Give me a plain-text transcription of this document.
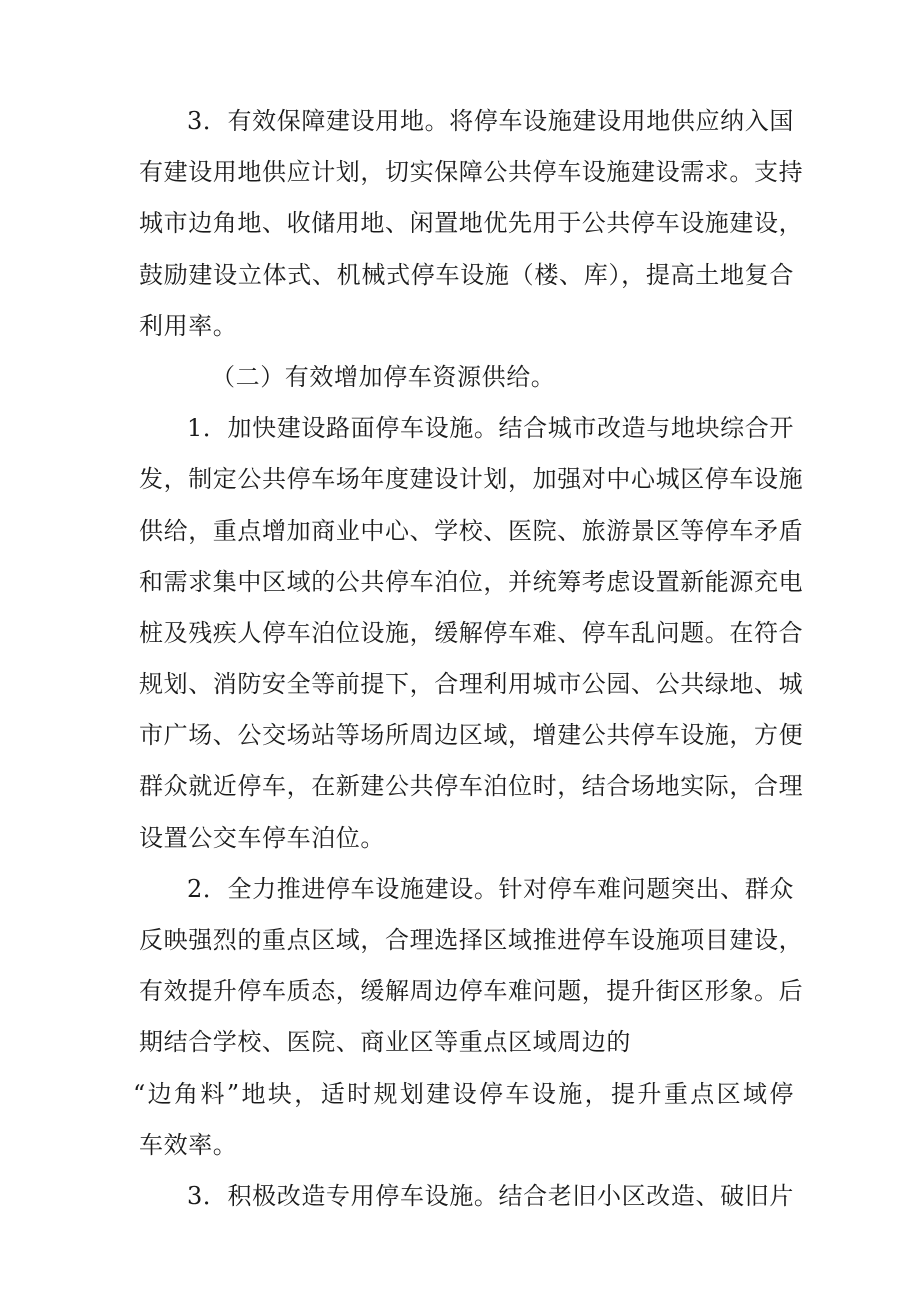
3．有效保障建设用地。将停车设施建设用地供应纳入国
有建设用地供应计划，切实保障公共停车设施建设需求。支持
城市边角地、收储用地、闲置地优先用于公共停车设施建设，
鼓励建设立体式、机械式停车设施（楼、库），提高土地复合
利用率。
（二）有效增加停车资源供给。
1．加快建设路面停车设施。结合城市改造与地块综合开
发，制定公共停车场年度建设计划，加强对中心城区停车设施
供给，重点增加商业中心、学校、医院、旅游景区等停车矛盾
和需求集中区域的公共停车泊位，并统筹考虑设置新能源充电
桩及残疾人停车泊位设施，缓解停车难、停车乱问题。在符合
规划、消防安全等前提下，合理利用城市公园、公共绿地、城
市广场、公交场站等场所周边区域，增建公共停车设施，方便
群众就近停车，在新建公共停车泊位时，结合场地实际，合理
设置公交车停车泊位。
2．全力推进停车设施建设。针对停车难问题突出、群众
反映强烈的重点区域，合理选择区域推进停车设施项目建设，
有效提升停车质态，缓解周边停车难问题，提升街区形象。后
期结合学校、医院、商业区等重点区域周边的
“边角料”地块，适时规划建设停车设施，提升重点区域停
车效率。
3．积极改造专用停车设施。结合老旧小区改造、破旧片
